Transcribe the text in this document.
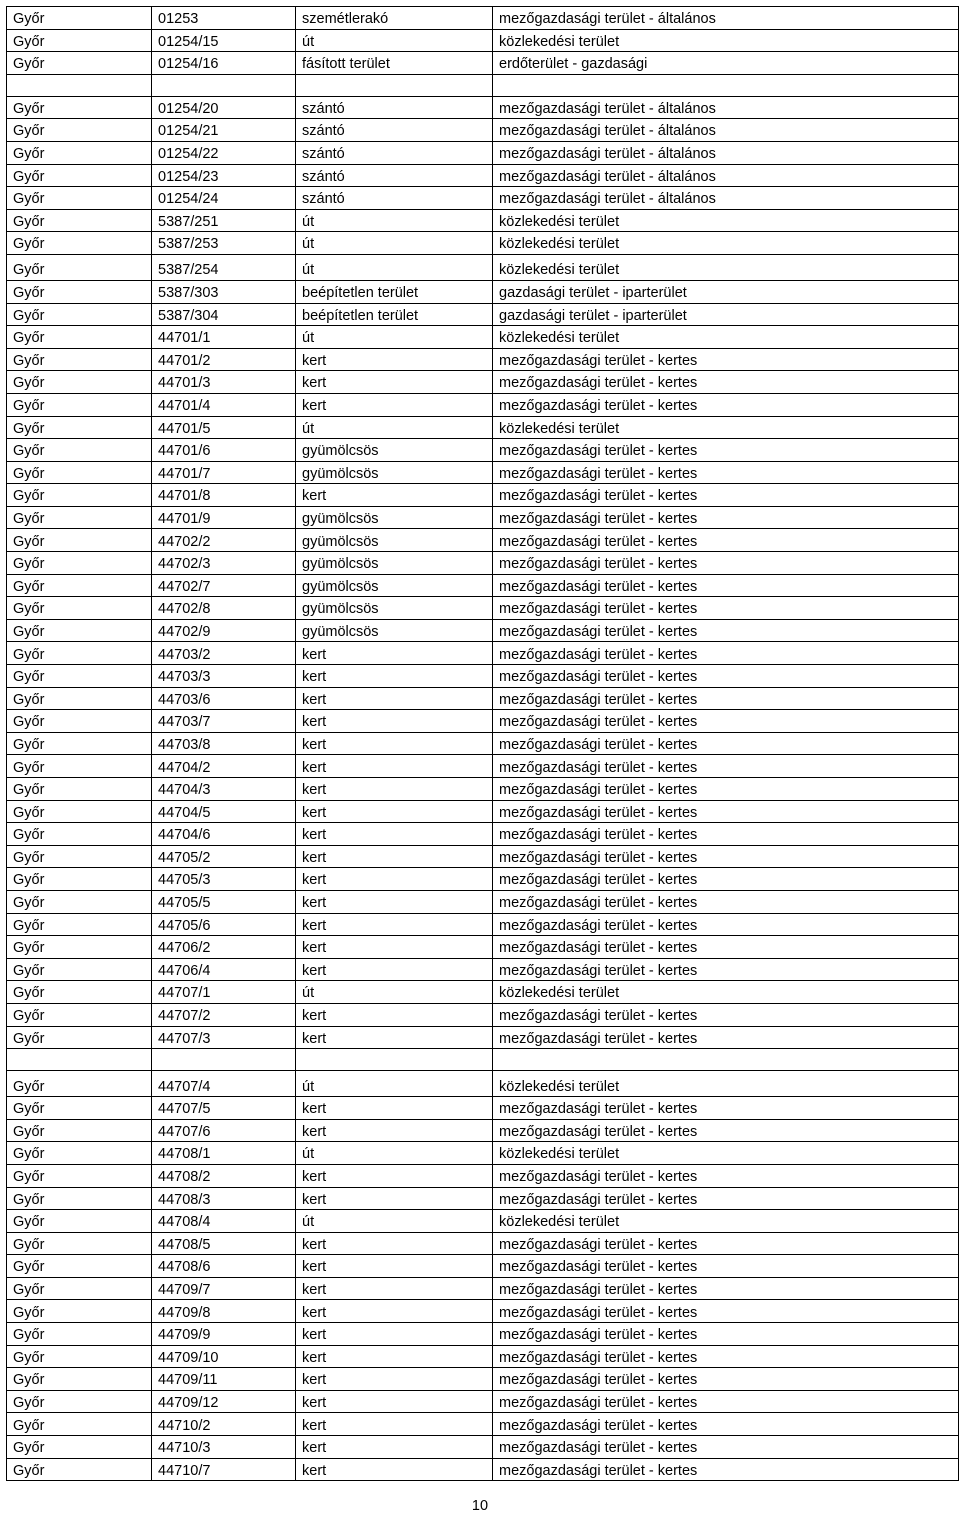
Győr	01253	szemétlerakó	mezőgazdasági terület - általános
Győr	01254/15	út	közlekedési terület
Győr	01254/16	fásított terület	erdőterület - gazdasági

Győr	01254/20	szántó	mezőgazdasági terület - általános
Győr	01254/21	szántó	mezőgazdasági terület - általános
Győr	01254/22	szántó	mezőgazdasági terület - általános
Győr	01254/23	szántó	mezőgazdasági terület - általános
Győr	01254/24	szántó	mezőgazdasági terület - általános
Győr	5387/251	út	közlekedési terület
Győr	5387/253	út	közlekedési terület
Győr	5387/254	út	közlekedési terület
Győr	5387/303	beépítetlen terület	gazdasági terület - iparterület
Győr	5387/304	beépítetlen terület	gazdasági terület - iparterület
Győr	44701/1	út	közlekedési terület
Győr	44701/2	kert	mezőgazdasági terület - kertes
Győr	44701/3	kert	mezőgazdasági terület - kertes
Győr	44701/4	kert	mezőgazdasági terület - kertes
Győr	44701/5	út	közlekedési terület
Győr	44701/6	gyümölcsös	mezőgazdasági terület - kertes
Győr	44701/7	gyümölcsös	mezőgazdasági terület - kertes
Győr	44701/8	kert	mezőgazdasági terület - kertes
Győr	44701/9	gyümölcsös	mezőgazdasági terület - kertes
Győr	44702/2	gyümölcsös	mezőgazdasági terület - kertes
Győr	44702/3	gyümölcsös	mezőgazdasági terület - kertes
Győr	44702/7	gyümölcsös	mezőgazdasági terület - kertes
Győr	44702/8	gyümölcsös	mezőgazdasági terület - kertes
Győr	44702/9	gyümölcsös	mezőgazdasági terület - kertes
Győr	44703/2	kert	mezőgazdasági terület - kertes
Győr	44703/3	kert	mezőgazdasági terület - kertes
Győr	44703/6	kert	mezőgazdasági terület - kertes
Győr	44703/7	kert	mezőgazdasági terület - kertes
Győr	44703/8	kert	mezőgazdasági terület - kertes
Győr	44704/2	kert	mezőgazdasági terület - kertes
Győr	44704/3	kert	mezőgazdasági terület - kertes
Győr	44704/5	kert	mezőgazdasági terület - kertes
Győr	44704/6	kert	mezőgazdasági terület - kertes
Győr	44705/2	kert	mezőgazdasági terület - kertes
Győr	44705/3	kert	mezőgazdasági terület - kertes
Győr	44705/5	kert	mezőgazdasági terület - kertes
Győr	44705/6	kert	mezőgazdasági terület - kertes
Győr	44706/2	kert	mezőgazdasági terület - kertes
Győr	44706/4	kert	mezőgazdasági terület - kertes
Győr	44707/1	út	közlekedési terület
Győr	44707/2	kert	mezőgazdasági terület - kertes
Győr	44707/3	kert	mezőgazdasági terület - kertes

Győr	44707/4	út	közlekedési terület
Győr	44707/5	kert	mezőgazdasági terület - kertes
Győr	44707/6	kert	mezőgazdasági terület - kertes
Győr	44708/1	út	közlekedési terület
Győr	44708/2	kert	mezőgazdasági terület - kertes
Győr	44708/3	kert	mezőgazdasági terület - kertes
Győr	44708/4	út	közlekedési terület
Győr	44708/5	kert	mezőgazdasági terület - kertes
Győr	44708/6	kert	mezőgazdasági terület - kertes
Győr	44709/7	kert	mezőgazdasági terület - kertes
Győr	44709/8	kert	mezőgazdasági terület - kertes
Győr	44709/9	kert	mezőgazdasági terület - kertes
Győr	44709/10	kert	mezőgazdasági terület - kertes
Győr	44709/11	kert	mezőgazdasági terület - kertes
Győr	44709/12	kert	mezőgazdasági terület - kertes
Győr	44710/2	kert	mezőgazdasági terület - kertes
Győr	44710/3	kert	mezőgazdasági terület - kertes
Győr	44710/7	kert	mezőgazdasági terület - kertes
10
